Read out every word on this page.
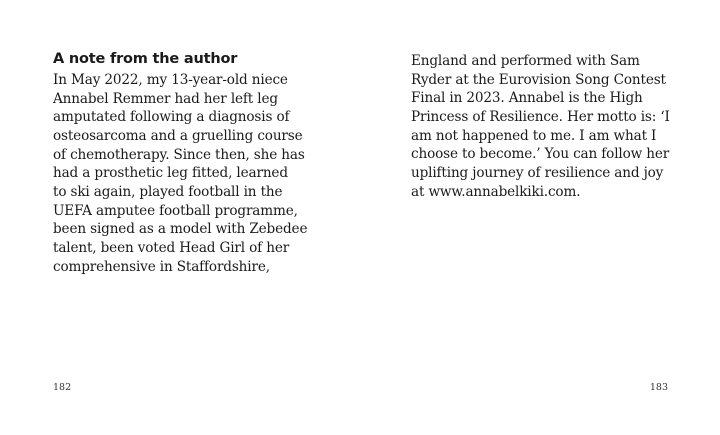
A note from the author
In May 2022, my 13-year-old niece
Annabel Remmer had her left leg
amputated following a diagnosis of
osteosarcoma and a gruelling course
of chemotherapy. Since then, she has
had a prosthetic leg fitted, learned
to ski again, played football in the
UEFA amputee football programme,
been signed as a model with Zebedee
talent, been voted Head Girl of her
comprehensive in Staffordshire,
182
England and performed with Sam
Ryder at the Eurovision Song Contest
Final in 2023. Annabel is the High
Princess of Resilience. Her motto is: ‘I
am not happened to me. I am what I
choose to become.’ You can follow her
uplifting journey of resilience and joy
at www.annabelkiki.com.
183
